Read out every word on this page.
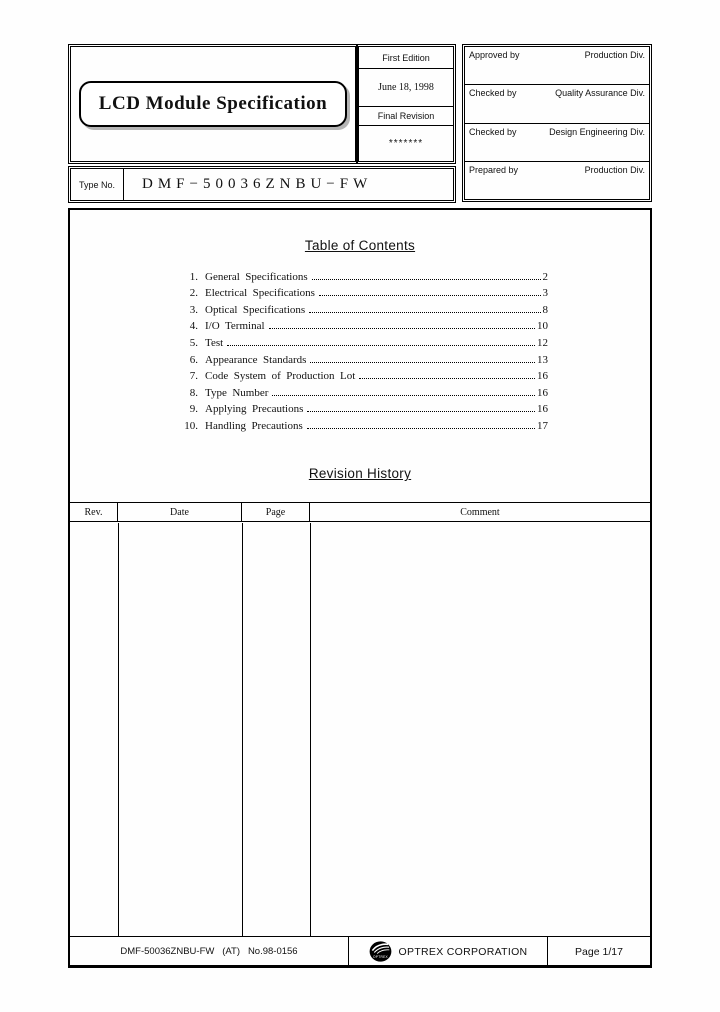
LCD Module Specification
First Edition
June 18, 1998
Final Revision
*******
Approved by	Production Div.
Checked by	Quality Assurance Div.
Checked by	Design Engineering Div.
Prepared by	Production Div.
Type No.	DMF−50036ZNBU−FW
Table of Contents
1. General  Specifications	2
2. Electrical  Specifications	3
3. Optical  Specifications	8
4. I/O  Terminal	10
5. Test	12
6. Appearance  Standards	13
7. Code  System  of  Production  Lot	16
8. Type  Number	16
9. Applying  Precautions	16
10. Handling  Precautions	17
Revision History
Rev.	Date	Page	Comment
DMF-50036ZNBU-FW   (AT)   No.98-0156
OPTREX OPTREX CORPORATION	Page 1/17
